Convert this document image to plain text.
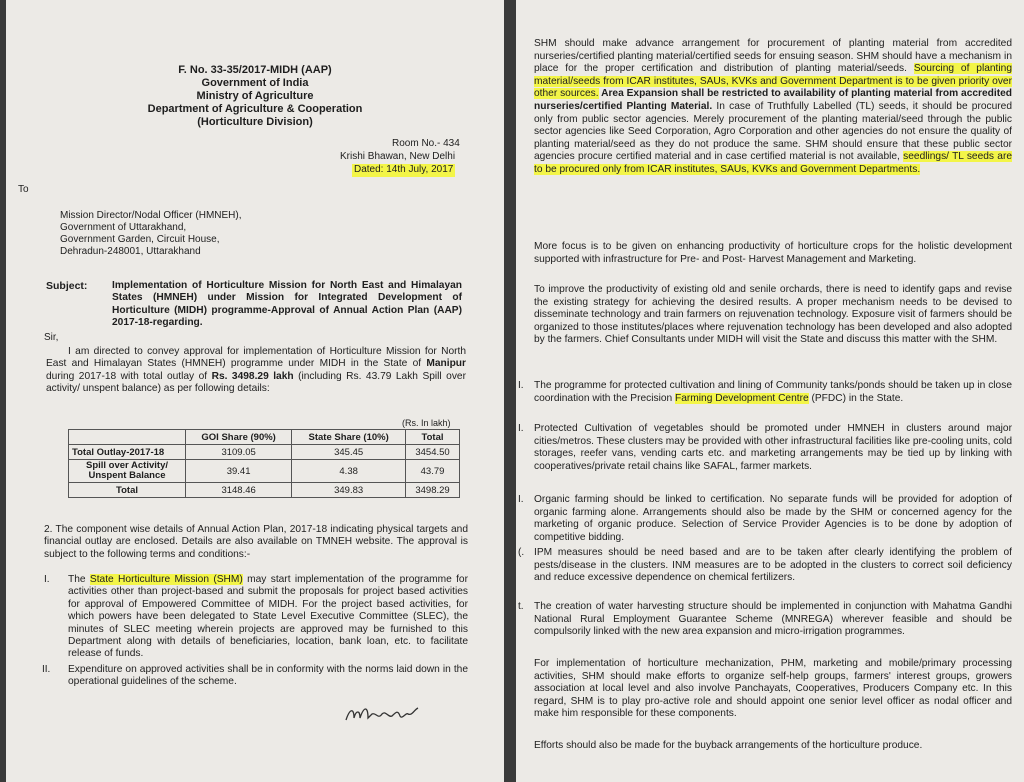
F. No. 33-35/2017-MIDH (AAP)
Government of India
Ministry of Agriculture
Department of Agriculture & Cooperation
(Horticulture Division)
Room No.- 434
Krishi Bhawan, New Delhi
Dated: 14th July, 2017
To
Mission Director/Nodal Officer (HMNEH),
Government of Uttarakhand,
Government Garden, Circuit House,
Dehradun-248001, Uttarakhand
Subject: Implementation of Horticulture Mission for North East and Himalayan States (HMNEH) under Mission for Integrated Development of Horticulture (MIDH) programme-Approval of Annual Action Plan (AAP) 2017-18-regarding.
Sir,
I am directed to convey approval for implementation of Horticulture Mission for North East and Himalayan States (HMNEH) programme under MIDH in the State of Manipur during 2017-18 with total outlay of Rs. 3498.29 lakh (including Rs. 43.79 Lakh Spill over activity/ unspent balance) as per following details:
(Rs. In lakh)
	GOI Share (90%)	State Share (10%)	Total
Total Outlay-2017-18	3109.05	345.45	3454.50
Spill over Activity/ Unspent Balance	39.41	4.38	43.79
Total	3148.46	349.83	3498.29
2. The component wise details of Annual Action Plan, 2017-18 indicating physical targets and financial outlay are enclosed. Details are also available on TMNEH website. The approval is subject to the following terms and conditions:-
I. The State Horticulture Mission (SHM) may start implementation of the programme for activities other than project-based and submit the proposals for project based activities for approval of Empowered Committee of MIDH. For the project based activities, for which powers have been delegated to State Level Executive Committee (SLEC), the minutes of SLEC meeting wherein projects are approved may be furnished to this Department along with details of beneficiaries, location, bank loan, etc. to facilitate release of funds.
II. Expenditure on approved activities shall be in conformity with the norms laid down in the operational guidelines of the scheme.
SHM should make advance arrangement for procurement of planting material from accredited nurseries/certified planting material/certified seeds for ensuing season. SHM should have a mechanism in place for the proper certification and distribution of planting material/seeds. Sourcing of planting material/seeds from ICAR institutes, SAUs, KVKs and Government Department is to be given priority over other sources. Area Expansion shall be restricted to availability of planting material from accredited nurseries/certified Planting Material. In case of Truthfully Labelled (TL) seeds, it should be procured only from public sector agencies. Merely procurement of the planting material/seed through the public sector agencies like Seed Corporation, Agro Corporation and other agencies do not ensure the quality of planting material/seed as they do not produce the same. SHM should ensure that these public sector agencies procure certified material and in case certified material is not available, seedlings/ TL seeds are to be procured only from ICAR institutes, SAUs, KVKs and Government Departments.
More focus is to be given on enhancing productivity of horticulture crops for the holistic development supported with infrastructure for Pre- and Post- Harvest Management and Marketing.
To improve the productivity of existing old and senile orchards, there is need to identify gaps and revise the existing strategy for achieving the desired results. A proper mechanism needs to be devised to disseminate technology and train farmers on rejuvenation technology. Exposure visit of farmers should be organized to those institutes/places where rejuvenation technology has been developed and also adopted by the farmers. Chief Consultants under MIDH will visit the State and discuss this matter with the SHM.
I. The programme for protected cultivation and lining of Community tanks/ponds should be taken up in close coordination with the Precision Farming Development Centre (PFDC) in the State.
I. Protected Cultivation of vegetables should be promoted under HMNEH in clusters around major cities/metros. These clusters may be provided with other infrastructural facilities like pre-cooling units, cold storages, reefer vans, vending carts etc. and marketing arrangements may be tied up by linking with cooperatives/private retail chains like SAFAL, farmer markets.
I. Organic farming should be linked to certification. No separate funds will be provided for adoption of organic farming alone. Arrangements should also be made by the SHM or concerned agency for the marketing of organic produce. Selection of Service Provider Agencies is to be done by adoption of competitive bidding.
(. IPM measures should be need based and are to be taken after clearly identifying the problem of pests/disease in the clusters. INM measures are to be adopted in the clusters to correct soil deficiency and reduce excessive dependence on chemical fertilizers.
t. The creation of water harvesting structure should be implemented in conjunction with Mahatma Gandhi National Rural Employment Guarantee Scheme (MNREGA) wherever feasible and should be compulsorily linked with the new area expansion and micro-irrigation programmes.
For implementation of horticulture mechanization, PHM, marketing and mobile/primary processing activities, SHM should make efforts to organize self-help groups, farmers' interest groups, growers association at local level and also involve Panchayats, Cooperatives, Producers Company etc. In this regard, SHM is to play pro-active role and should appoint one senior level officer as nodal officer and make him responsible for these components.
Efforts should also be made for the buyback arrangements of the horticulture produce.
